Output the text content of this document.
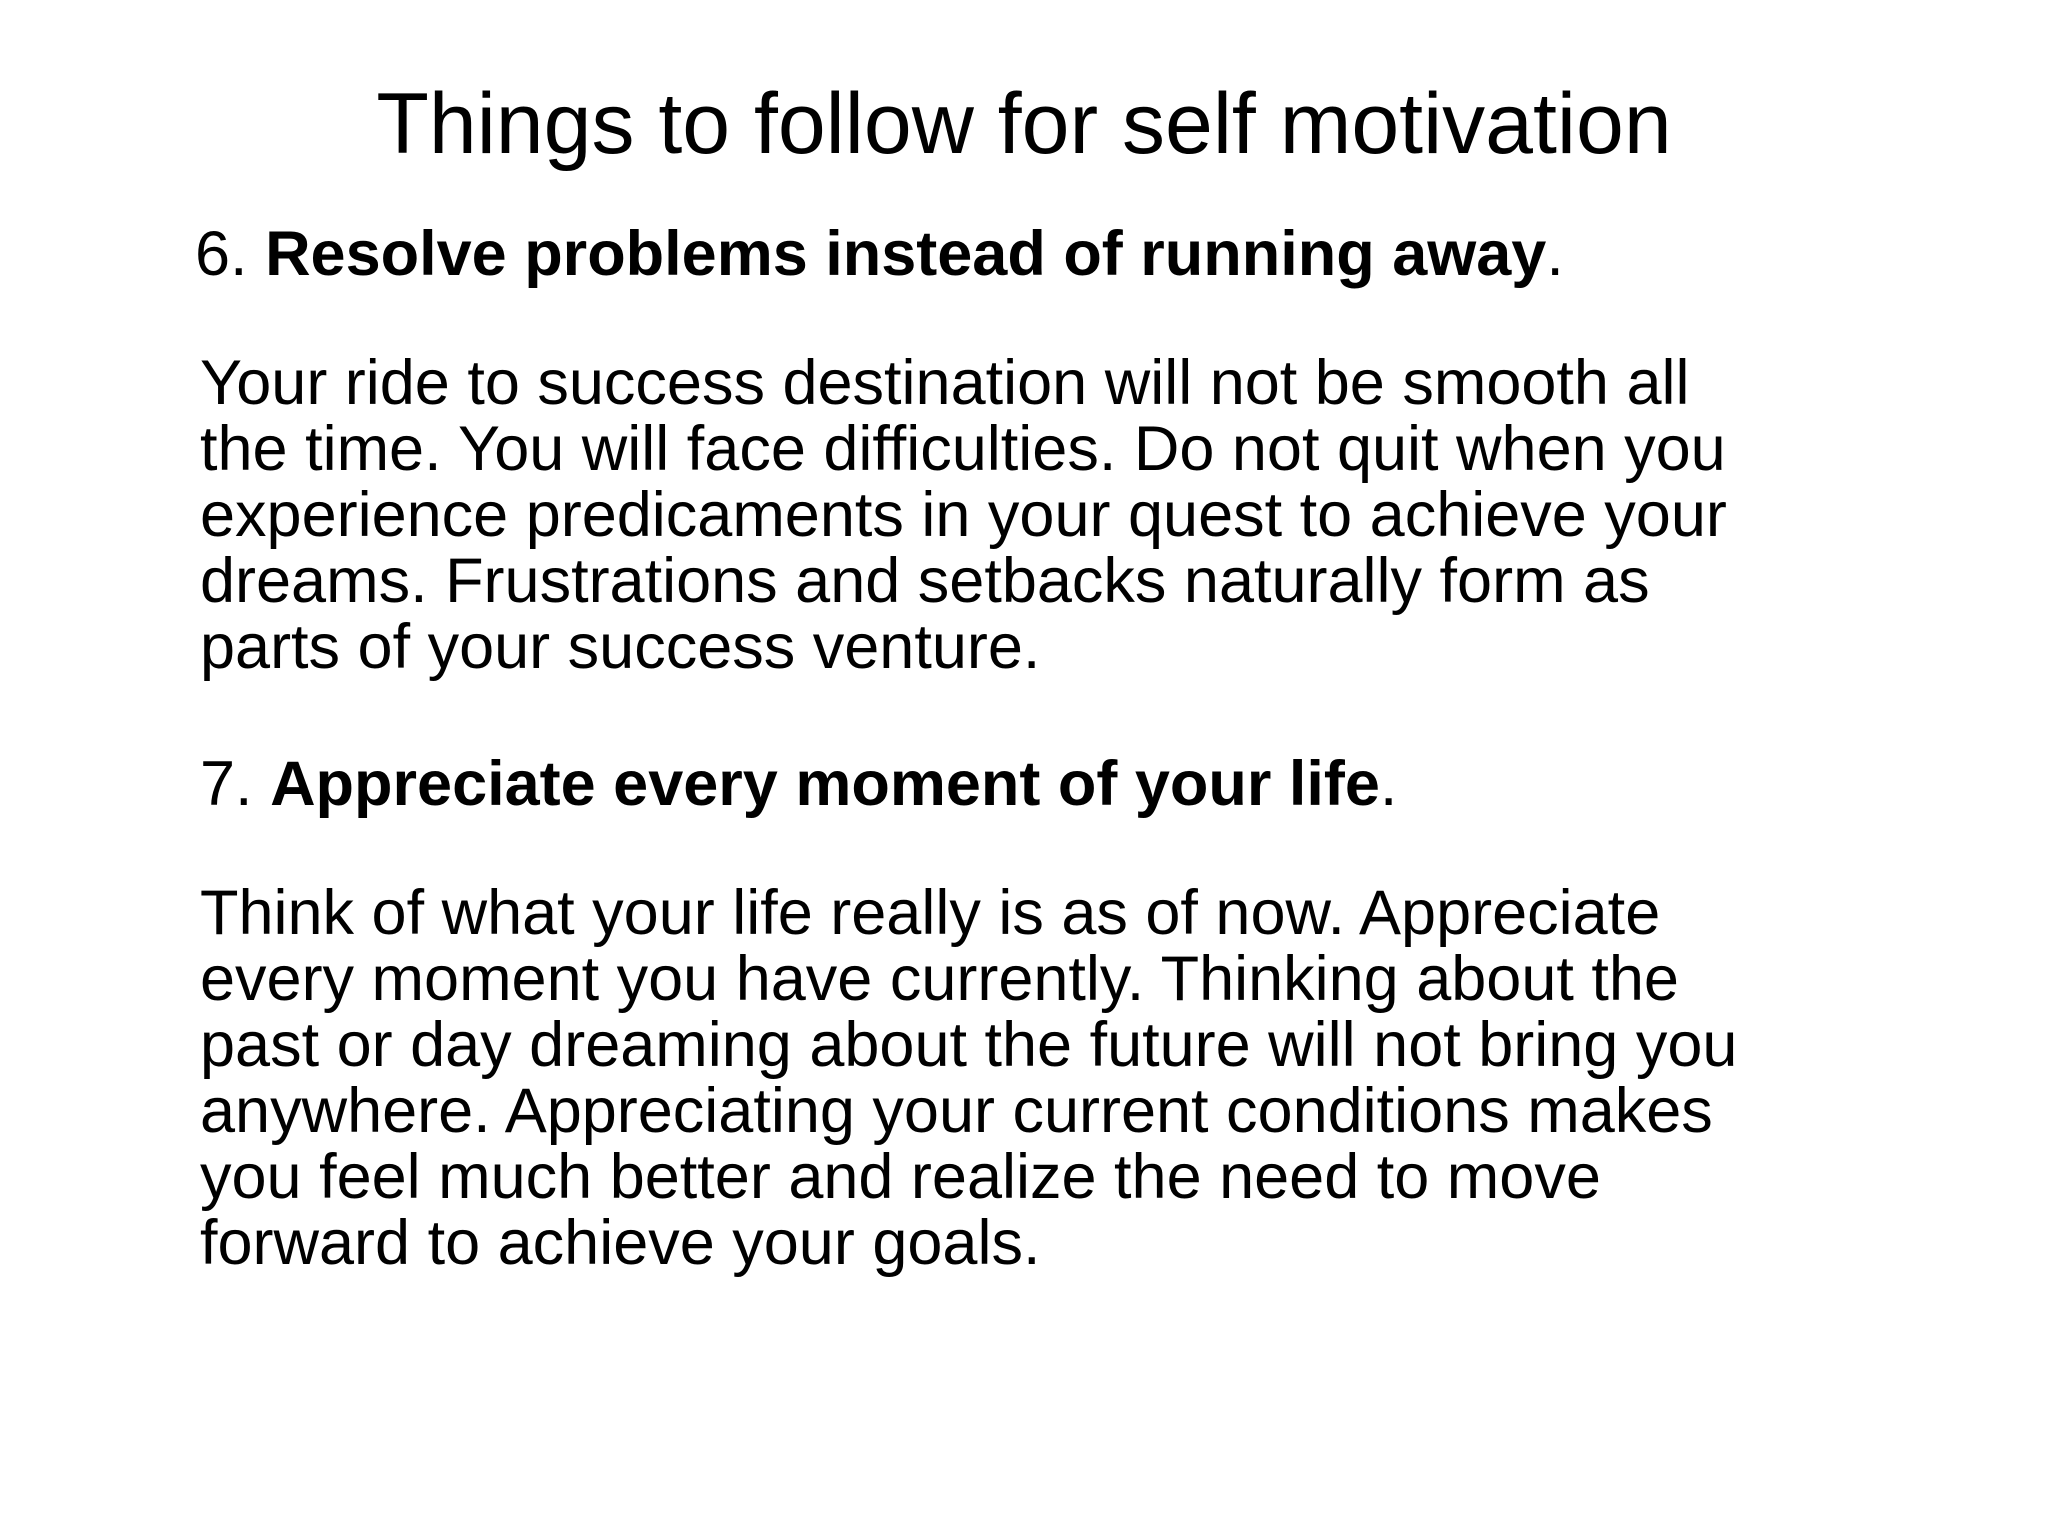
Things to follow for self motivation

6. Resolve problems instead of running away.

Your ride to success destination will not be smooth all
the time. You will face difficulties. Do not quit when you
experience predicaments in your quest to achieve your
dreams. Frustrations and setbacks naturally form as
parts of your success venture.

7. Appreciate every moment of your life.

Think of what your life really is as of now. Appreciate
every moment you have currently. Thinking about the
past or day dreaming about the future will not bring you
anywhere. Appreciating your current conditions makes
you feel much better and realize the need to move
forward to achieve your goals.
